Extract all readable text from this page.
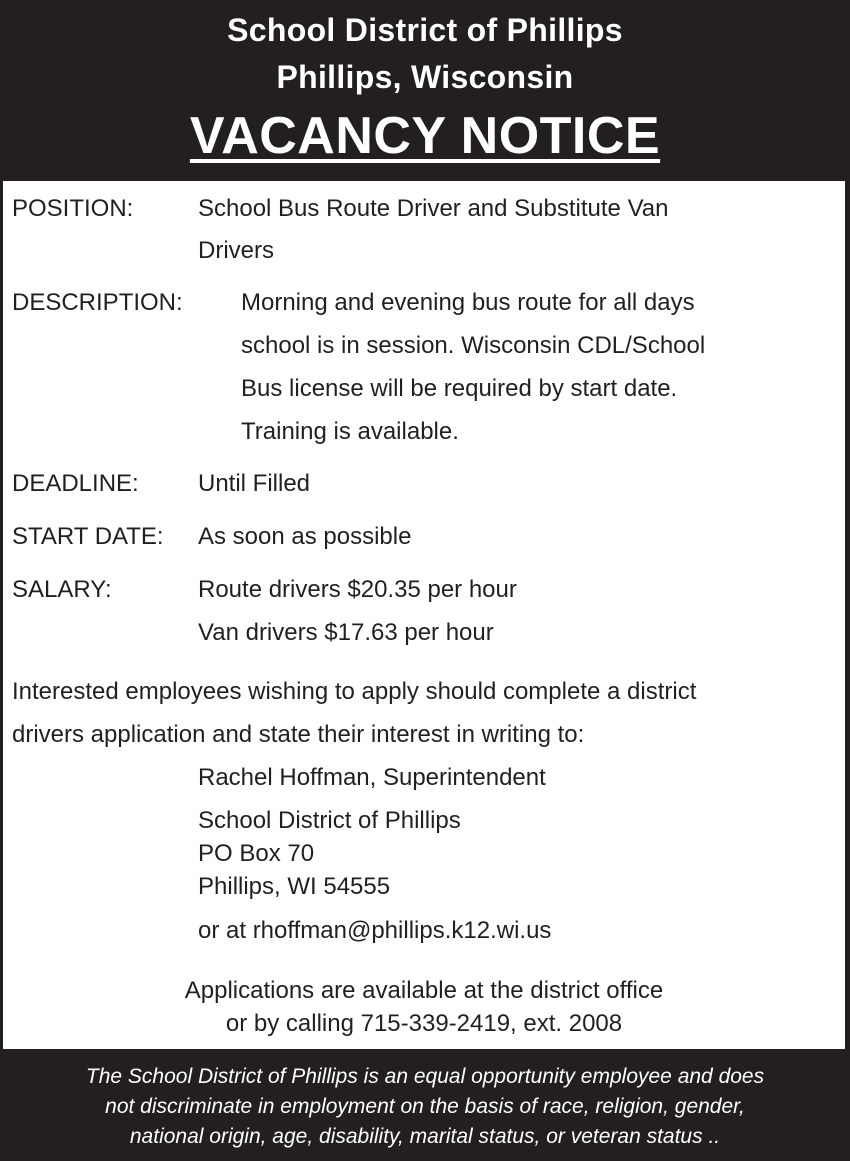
School District of Phillips
Phillips, Wisconsin
VACANCY NOTICE
POSITION:	School Bus Route Driver and Substitute Van
Drivers
DESCRIPTION: Morning and evening bus route for all days
school is in session. Wisconsin CDL/School
Bus license will be required by start date.
Training is available.
DEADLINE: Until Filled
START DATE: As soon as possible
SALARY:	Route drivers $20.35 per hour
Van drivers $17.63 per hour
Interested employees wishing to apply should complete a district
drivers application and state their interest in writing to:
Rachel Hoffman, Superintendent
School District of Phillips
PO Box 70
Phillips, WI 54555
or at rhoffman@phillips.k12.wi.us
Applications are available at the district office
or by calling 715-339-2419, ext. 2008
The School District of Phillips is an equal opportunity employee and does
not discriminate in employment on the basis of race, religion, gender,
national origin, age, disability, marital status, or veteran status ..
